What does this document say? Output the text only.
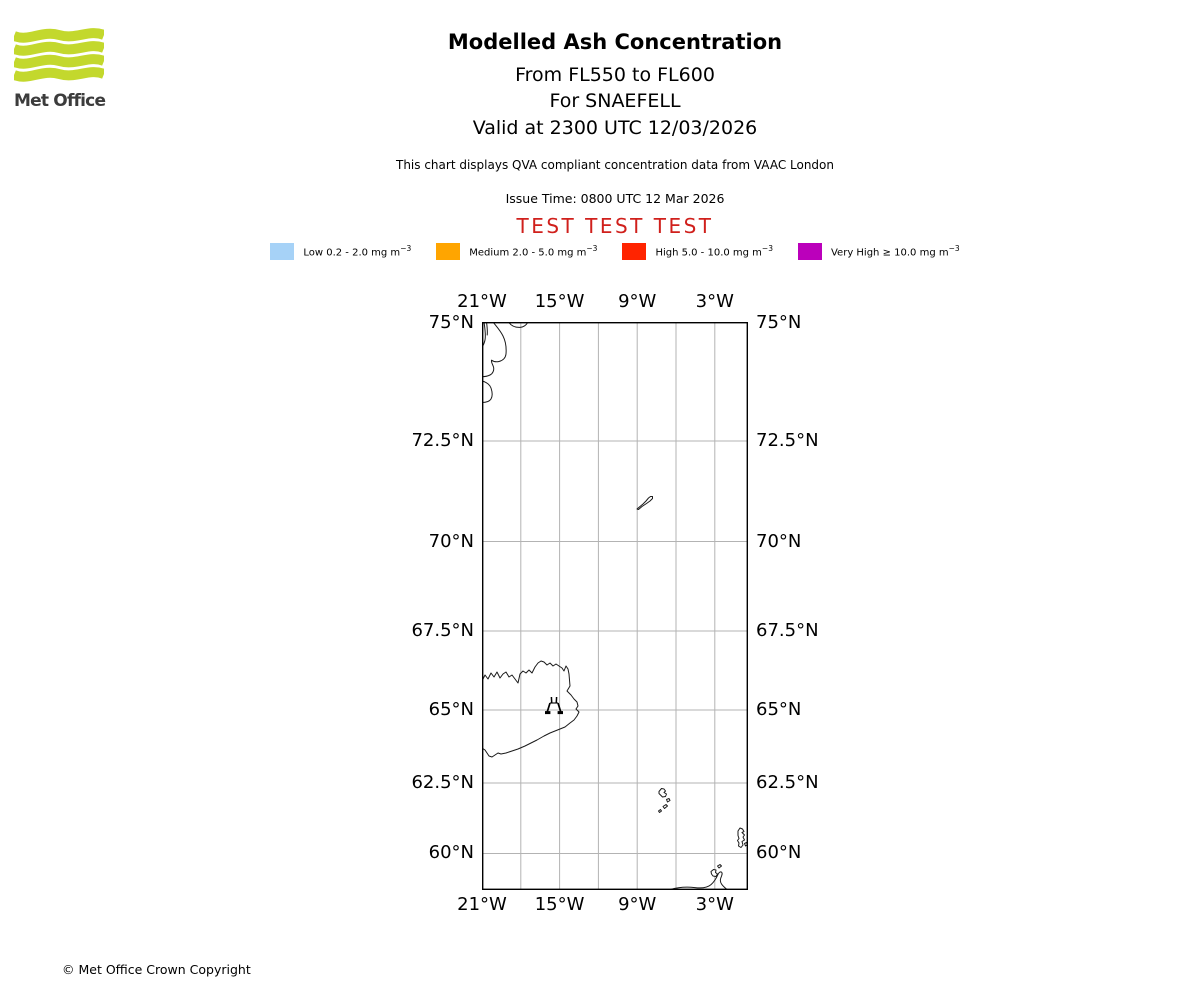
Met Office
Modelled Ash Concentration
From FL550 to FL600
For SNAEFELL
Valid at 2300 UTC 12/03/2026
This chart displays QVA compliant concentration data from VAAC London
Issue Time: 0800 UTC 12 Mar 2026
TEST TEST TEST
Low 0.2 - 2.0 mg $m^{-3}$	Medium 2.0 - 5.0 mg $m^{-3}$	High 5.0 - 10.0 mg $m^{-3}$	Very High ≥ 10.0 mg $m^{-3}$
© Met Office Crown Copyright
21°W
21°W
15°W
15°W
9°W
9°W
3°W
3°W
75°N	75°N
72.5°N	72.5°N
70°N	70°N
67.5°N	67.5°N
65°N	65°N
62.5°N	62.5°N
60°N	60°N
